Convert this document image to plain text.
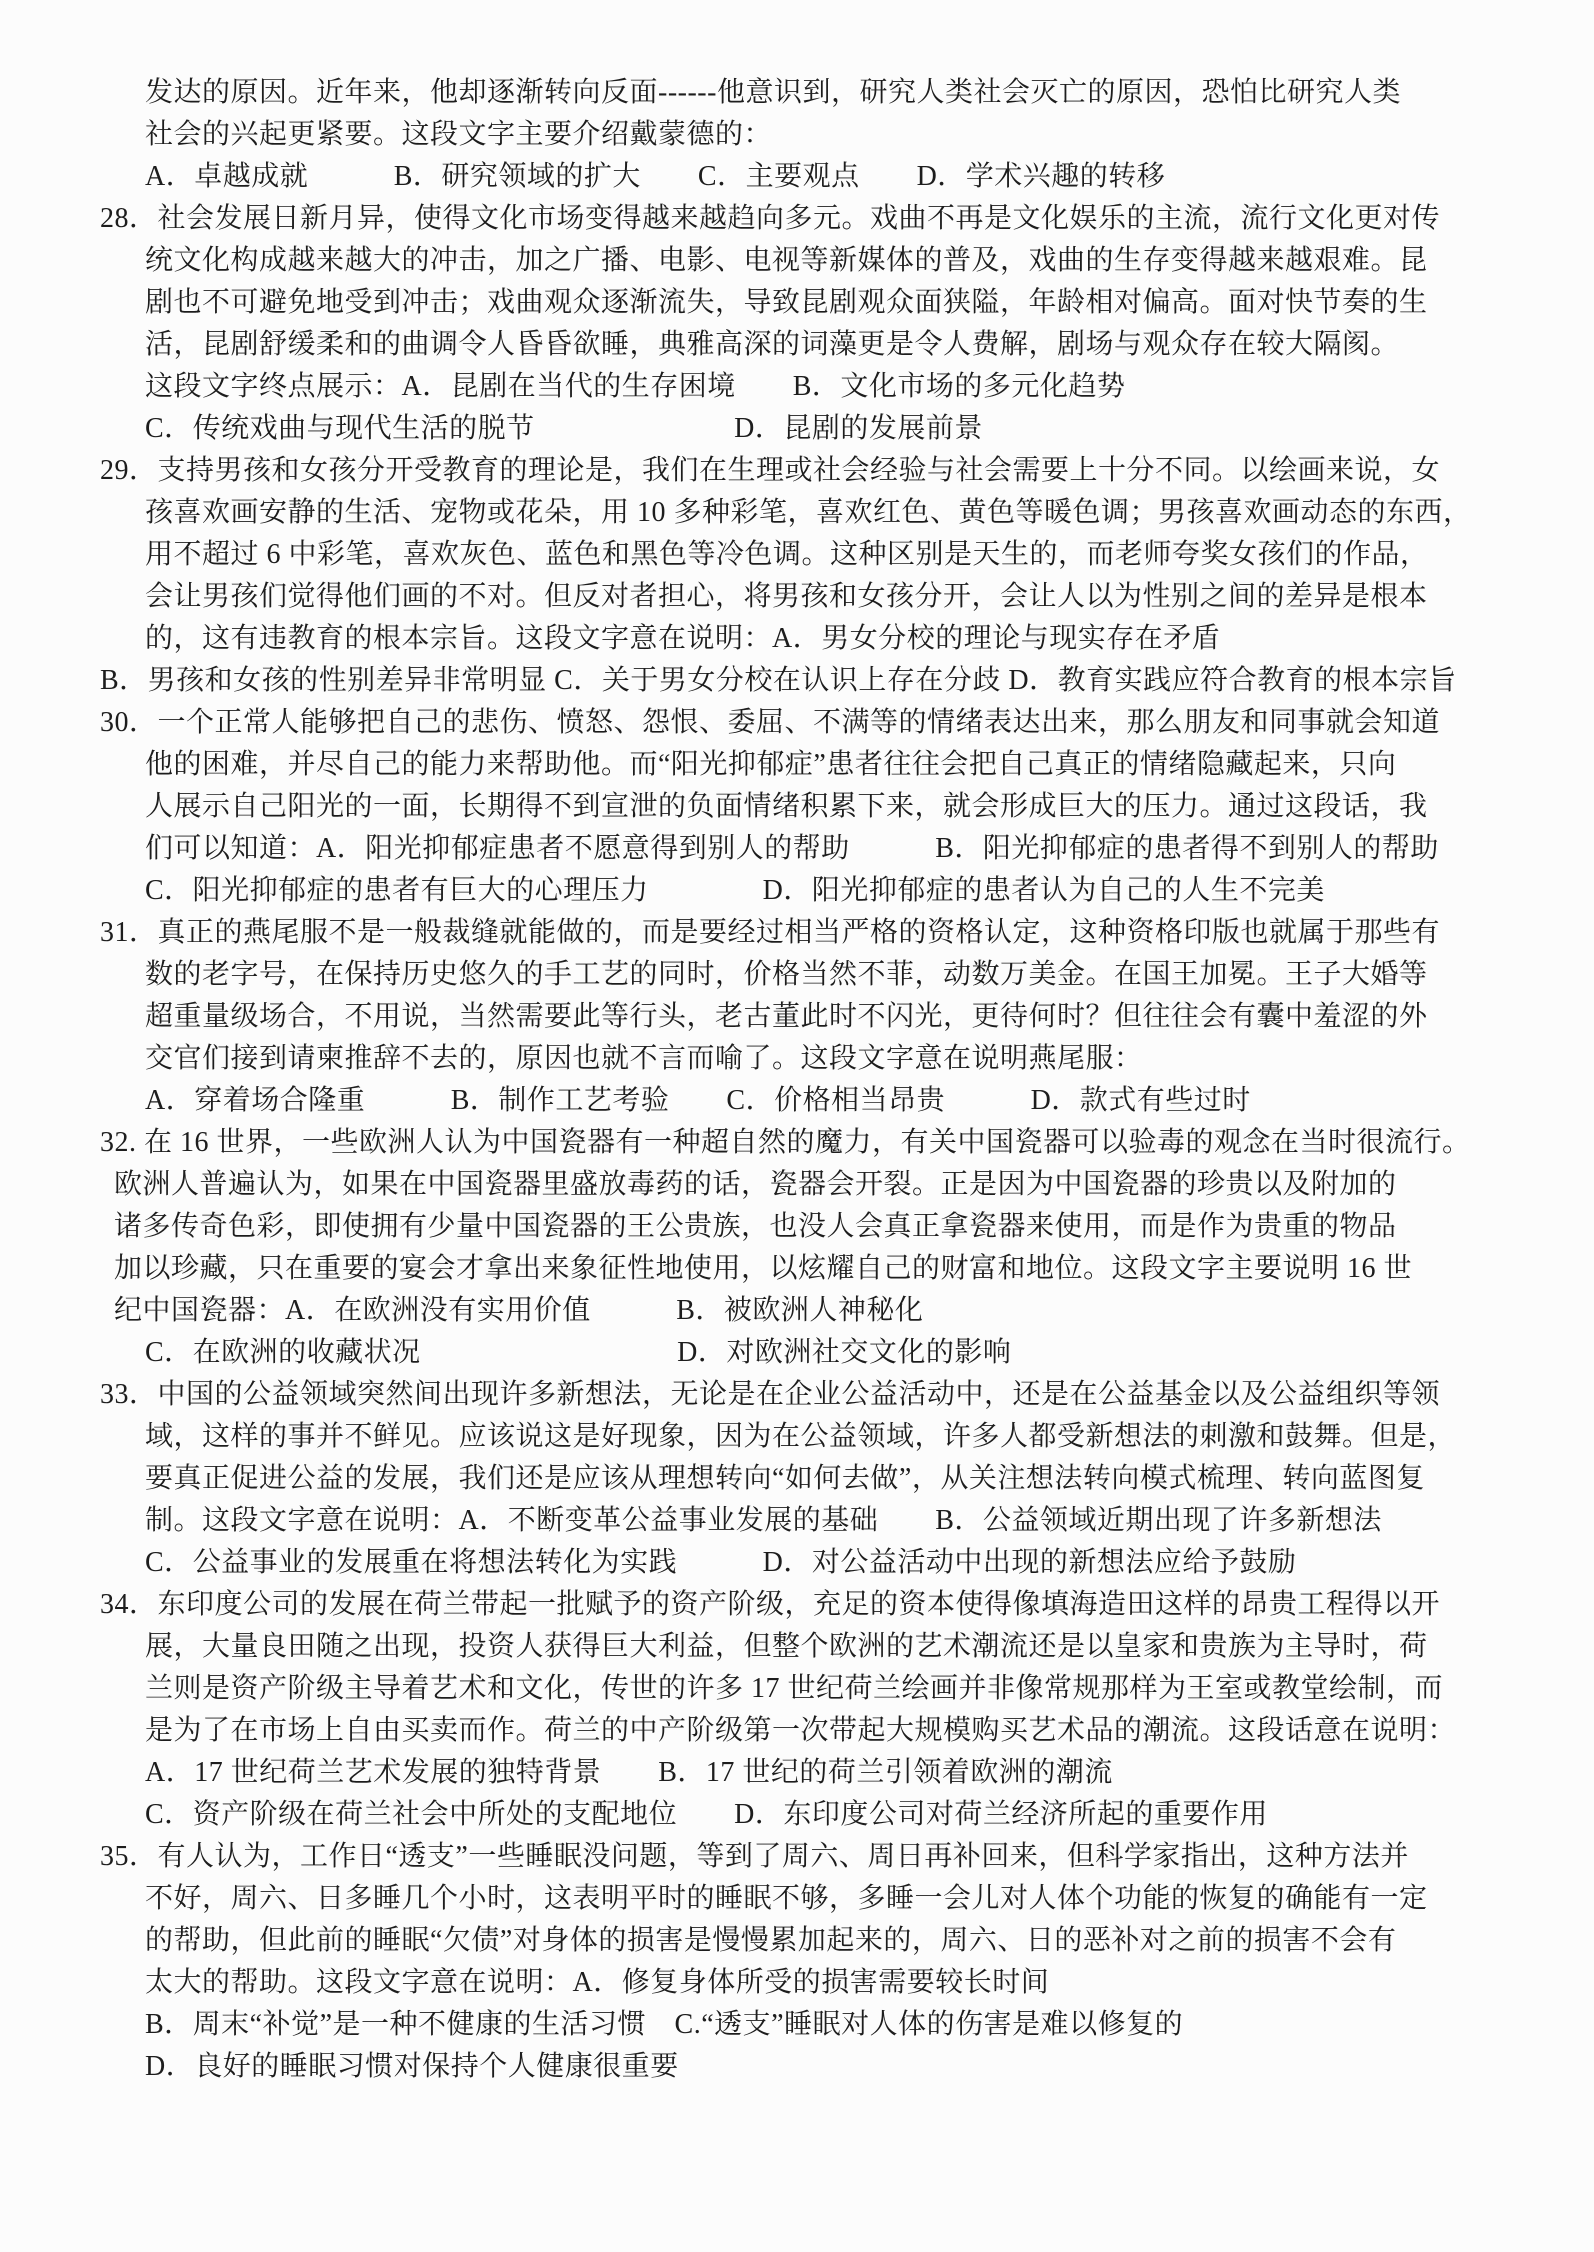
发达的原因。近年来，他却逐渐转向反面------他意识到，研究人类社会灭亡的原因，恐怕比研究人类
社会的兴起更紧要。这段文字主要介绍戴蒙德的：
A．卓越成就　　　B．研究领域的扩大　　C．主要观点　　D．学术兴趣的转移
28．社会发展日新月异，使得文化市场变得越来越趋向多元。戏曲不再是文化娱乐的主流，流行文化更对传
统文化构成越来越大的冲击，加之广播、电影、电视等新媒体的普及，戏曲的生存变得越来越艰难。昆
剧也不可避免地受到冲击；戏曲观众逐渐流失，导致昆剧观众面狭隘，年龄相对偏高。面对快节奏的生
活，昆剧舒缓柔和的曲调令人昏昏欲睡，典雅高深的词藻更是令人费解，剧场与观众存在较大隔阂。
这段文字终点展示：A．昆剧在当代的生存困境　　B．文化市场的多元化趋势
C．传统戏曲与现代生活的脱节　　　　　　　D．昆剧的发展前景
29．支持男孩和女孩分开受教育的理论是，我们在生理或社会经验与社会需要上十分不同。以绘画来说，女
孩喜欢画安静的生活、宠物或花朵，用 10 多种彩笔，喜欢红色、黄色等暖色调；男孩喜欢画动态的东西，
用不超过 6 中彩笔，喜欢灰色、蓝色和黑色等冷色调。这种区别是天生的，而老师夸奖女孩们的作品，
会让男孩们觉得他们画的不对。但反对者担心，将男孩和女孩分开，会让人以为性别之间的差异是根本
的，这有违教育的根本宗旨。这段文字意在说明：A．男女分校的理论与现实存在矛盾
B．男孩和女孩的性别差异非常明显 C．关于男女分校在认识上存在分歧 D．教育实践应符合教育的根本宗旨
30．一个正常人能够把自己的悲伤、愤怒、怨恨、委屈、不满等的情绪表达出来，那么朋友和同事就会知道
他的困难，并尽自己的能力来帮助他。而“阳光抑郁症”患者往往会把自己真正的情绪隐藏起来，只向
人展示自己阳光的一面，长期得不到宣泄的负面情绪积累下来，就会形成巨大的压力。通过这段话，我
们可以知道：A．阳光抑郁症患者不愿意得到别人的帮助　　　B．阳光抑郁症的患者得不到别人的帮助
C．阳光抑郁症的患者有巨大的心理压力　　　　D．阳光抑郁症的患者认为自己的人生不完美
31．真正的燕尾服不是一般裁缝就能做的，而是要经过相当严格的资格认定，这种资格印版也就属于那些有
数的老字号，在保持历史悠久的手工艺的同时，价格当然不菲，动数万美金。在国王加冕。王子大婚等
超重量级场合，不用说，当然需要此等行头，老古董此时不闪光，更待何时？但往往会有囊中羞涩的外
交官们接到请柬推辞不去的，原因也就不言而喻了。这段文字意在说明燕尾服：
A．穿着场合隆重　　　B．制作工艺考验　　C．价格相当昂贵　　　D．款式有些过时
32. 在 16 世界，一些欧洲人认为中国瓷器有一种超自然的魔力，有关中国瓷器可以验毒的观念在当时很流行。
欧洲人普遍认为，如果在中国瓷器里盛放毒药的话，瓷器会开裂。正是因为中国瓷器的珍贵以及附加的
诸多传奇色彩，即使拥有少量中国瓷器的王公贵族，也没人会真正拿瓷器来使用，而是作为贵重的物品
加以珍藏，只在重要的宴会才拿出来象征性地使用，以炫耀自己的财富和地位。这段文字主要说明 16 世
纪中国瓷器：A．在欧洲没有实用价值　　　B．被欧洲人神秘化
C．在欧洲的收藏状况　　　　　　　　　D．对欧洲社交文化的影响
33．中国的公益领域突然间出现许多新想法，无论是在企业公益活动中，还是在公益基金以及公益组织等领
域，这样的事并不鲜见。应该说这是好现象，因为在公益领域，许多人都受新想法的刺激和鼓舞。但是，
要真正促进公益的发展，我们还是应该从理想转向“如何去做”，从关注想法转向模式梳理、转向蓝图复
制。这段文字意在说明：A．不断变革公益事业发展的基础　　B．公益领域近期出现了许多新想法
C．公益事业的发展重在将想法转化为实践　　　D．对公益活动中出现的新想法应给予鼓励
34．东印度公司的发展在荷兰带起一批赋予的资产阶级，充足的资本使得像填海造田这样的昂贵工程得以开
展，大量良田随之出现，投资人获得巨大利益，但整个欧洲的艺术潮流还是以皇家和贵族为主导时，荷
兰则是资产阶级主导着艺术和文化，传世的许多 17 世纪荷兰绘画并非像常规那样为王室或教堂绘制，而
是为了在市场上自由买卖而作。荷兰的中产阶级第一次带起大规模购买艺术品的潮流。这段话意在说明：
A．17 世纪荷兰艺术发展的独特背景　　B．17 世纪的荷兰引领着欧洲的潮流
C．资产阶级在荷兰社会中所处的支配地位　　D．东印度公司对荷兰经济所起的重要作用
35．有人认为，工作日“透支”一些睡眠没问题，等到了周六、周日再补回来，但科学家指出，这种方法并
不好，周六、日多睡几个小时，这表明平时的睡眠不够，多睡一会儿对人体个功能的恢复的确能有一定
的帮助，但此前的睡眠“欠债”对身体的损害是慢慢累加起来的，周六、日的恶补对之前的损害不会有
太大的帮助。这段文字意在说明：A．修复身体所受的损害需要较长时间
B．周末“补觉”是一种不健康的生活习惯　C.“透支”睡眠对人体的伤害是难以修复的
D．良好的睡眠习惯对保持个人健康很重要
